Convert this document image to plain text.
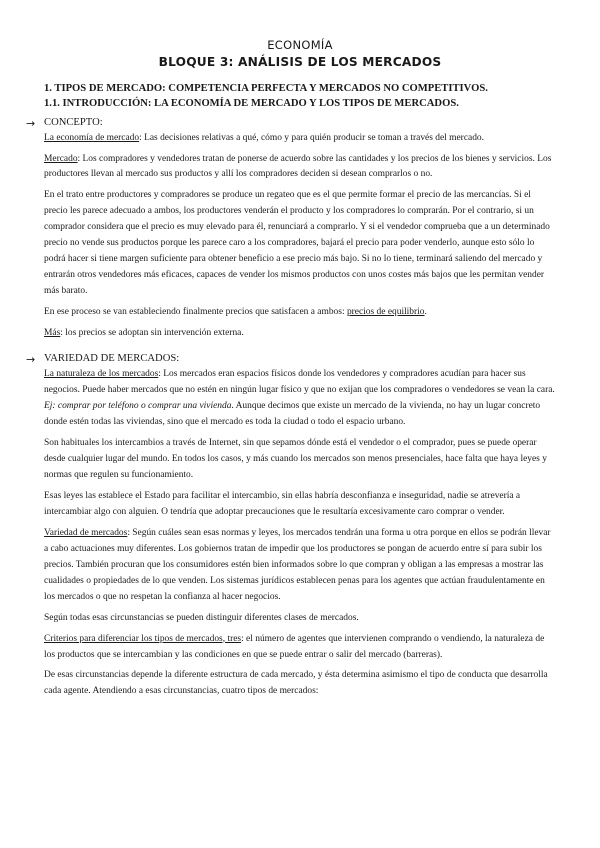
ECONOMÍA
BLOQUE 3: ANÁLISIS DE LOS MERCADOS
1. TIPOS DE MERCADO: COMPETENCIA PERFECTA Y MERCADOS NO COMPETITIVOS.
1.1. INTRODUCCIÓN: LA ECONOMÍA DE MERCADO Y LOS TIPOS DE MERCADOS.
→ CONCEPTO:

La economía de mercado: Las decisiones relativas a qué, cómo y para quién producir se toman a través del mercado.

Mercado: Los compradores y vendedores tratan de ponerse de acuerdo sobre las cantidades y los precios de los bienes y servicios. Los productores llevan al mercado sus productos y allí los compradores deciden si desean comprarlos o no.

En el trato entre productores y compradores se produce un regateo que es el que permite formar el precio de las mercancías. Si el precio les parece adecuado a ambos, los productores venderán el producto y los compradores lo comprarán. Por el contrario, si un comprador considera que el precio es muy elevado para él, renunciará a comprarlo. Y si el vendedor comprueba que a un determinado precio no vende sus productos porque les parece caro a los compradores, bajará el precio para poder venderlo, aunque esto sólo lo podrá hacer si tiene margen suficiente para obtener beneficio a ese precio más bajo. Si no lo tiene, terminará saliendo del mercado y entrarán otros vendedores más eficaces, capaces de vender los mismos productos con unos costes más bajos que les permitan vender más barato.

En ese proceso se van estableciendo finalmente precios que satisfacen a ambos: precios de equilibrio.

Más: los precios se adoptan sin intervención externa.

→ VARIEDAD DE MERCADOS:

La naturaleza de los mercados: Los mercados eran espacios físicos donde los vendedores y compradores acudían para hacer sus negocios. Puede haber mercados que no estén en ningún lugar físico y que no exijan que los compradores o vendedores se vean la cara. Ej: comprar por teléfono o comprar una vivienda. Aunque decimos que existe un mercado de la vivienda, no hay un lugar concreto donde estén todas las viviendas, sino que el mercado es toda la ciudad o todo el espacio urbano.

Son habituales los intercambios a través de Internet, sin que sepamos dónde está el vendedor o el comprador, pues se puede operar desde cualquier lugar del mundo. En todos los casos, y más cuando los mercados son menos presenciales, hace falta que haya leyes y normas que regulen su funcionamiento.

Esas leyes las establece el Estado para facilitar el intercambio, sin ellas habría desconfianza e inseguridad, nadie se atrevería a intercambiar algo con alguien. O tendría que adoptar precauciones que le resultaría excesivamente caro comprar o vender.

Variedad de mercados: Según cuáles sean esas normas y leyes, los mercados tendrán una forma u otra porque en ellos se podrán llevar a cabo actuaciones muy diferentes. Los gobiernos tratan de impedir que los productores se pongan de acuerdo entre sí para subir los precios. También procuran que los consumidores estén bien informados sobre lo que compran y obligan a las empresas a mostrar las cualidades o propiedades de lo que venden. Los sistemas jurídicos establecen penas para los agentes que actúan fraudulentamente en los mercados o que no respetan la confianza al hacer negocios.

Según todas esas circunstancias se pueden distinguir diferentes clases de mercados.

Criterios para diferenciar los tipos de mercados, tres: el número de agentes que intervienen comprando o vendiendo, la naturaleza de los productos que se intercambian y las condiciones en que se puede entrar o salir del mercado (barreras).

De esas circunstancias depende la diferente estructura de cada mercado, y ésta determina asimismo el tipo de conducta que desarrolla cada agente. Atendiendo a esas circunstancias, cuatro tipos de mercados:
